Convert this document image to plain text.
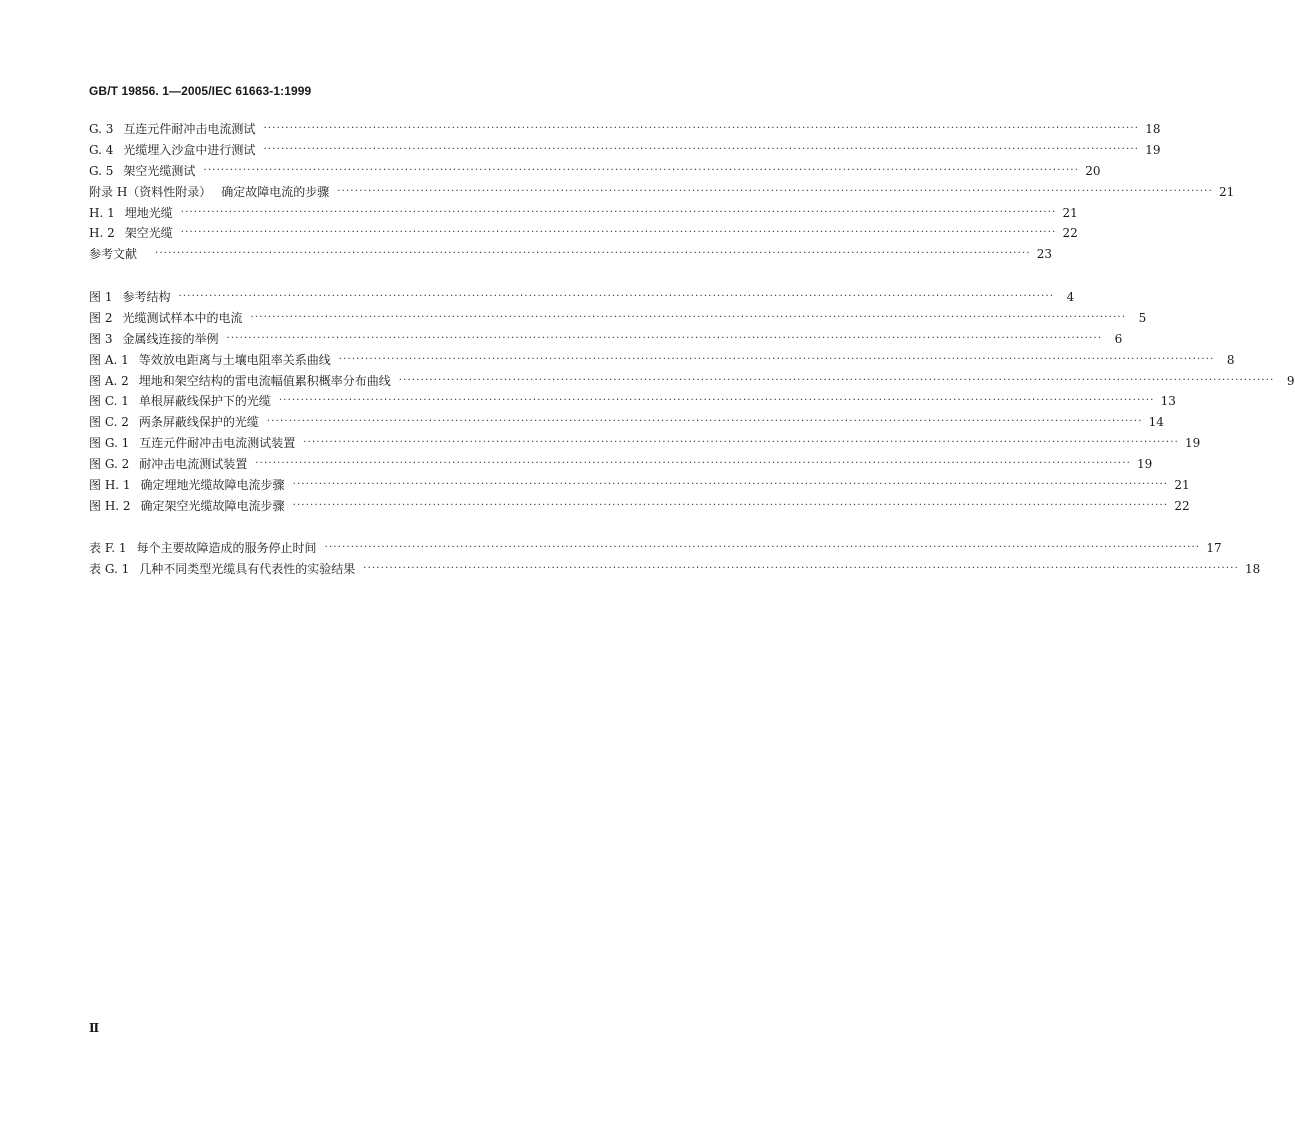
GB/T 19856. 1—2005/IEC 61663-1:1999
G. 3 互连元件耐冲击电流测试 ········································································································································································································ 18
G. 4 光缆埋入沙盒中进行测试 ········································································································································································································ 19
G. 5 架空光缆测试 ········································································································································································································ 20
附录 H（资料性附录） 确定故障电流的步骤 ········································································································································································································ 21
H. 1 埋地光缆 ········································································································································································································ 21
H. 2 架空光缆 ········································································································································································································ 22
参考文献	········································································································································································································ 23
图 1 参考结构 ········································································································································································································	4
图 2 光缆测试样本中的电流 ········································································································································································································	5
图 3 金属线连接的举例 ········································································································································································································	6
图 A. 1 等效放电距离与土壤电阻率关系曲线 ········································································································································································································	8
图 A. 2 埋地和架空结构的雷电流幅值累积概率分布曲线 ········································································································································································································	9
图 C. 1 单根屏蔽线保护下的光缆 ········································································································································································································ 13
图 C. 2 两条屏蔽线保护的光缆 ········································································································································································································ 14
图 G. 1 互连元件耐冲击电流测试装置 ········································································································································································································ 19
图 G. 2 耐冲击电流测试装置 ········································································································································································································ 19
图 H. 1 确定埋地光缆故障电流步骤 ········································································································································································································ 21
图 H. 2 确定架空光缆故障电流步骤 ········································································································································································································ 22
表 F. 1 每个主要故障造成的服务停止时间 ········································································································································································································ 17
表 G. 1 几种不同类型光缆具有代表性的实验结果 ········································································································································································································ 18
Ⅱ
